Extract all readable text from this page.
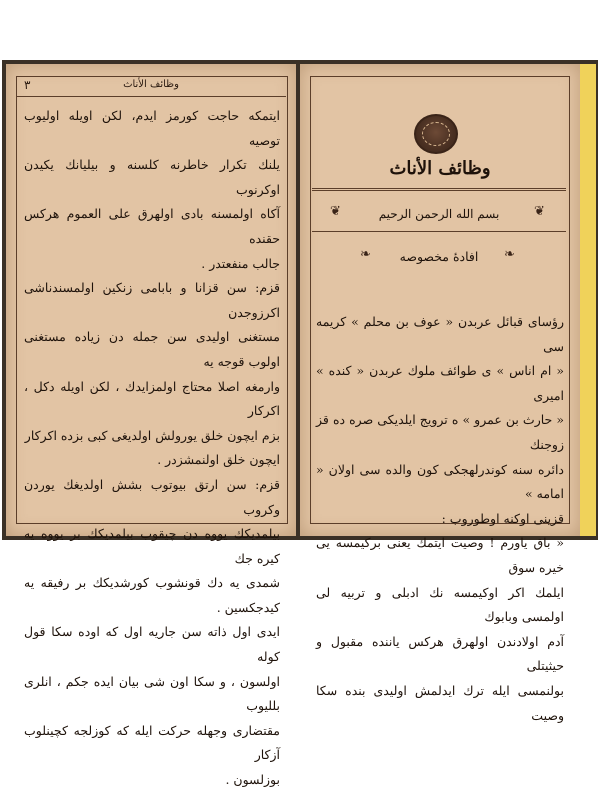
٣	وظائف الأناث

ایتمکه حاجت کورمز ایدم، لکن اویله اولیوب توصیه

یلنك تکرار خاطرنه کلسنه و بیلیانك یکیدن اوکرنوب

آکاه اولمسنه بادی اولهرق علی العموم هرکس حقنده

جالب منفعتدر .

قزم: سن قزانا و بابامی زنکین اولمسندناشی اکرزوجدن

مستغنی اولیدی سن جمله دن زیاده مستغنی اولوب قوجه یه

وارمغه اصلا محتاج اولمزایدك ، لکن اویله دکل ، اکرکار

بزم ایچون خلق یورولش اولدیغی کبی بزده اکرکار

ایچون خلق اولنمشزدر .

قزم: سن ارتق بیوتوب بشش اولدیغك یوردن وکروب

بیلمدیکك یووه دن چیقوب بیلمدیکك بر یووه یه کیره جك

شمدی یه دك قونشوب کورشدیکك بر رفیقه یه کیدجکسین .

ایدی اول ذاته سن جاریه اول که اوده سکا قول کوله

اولسون ، و سکا اون شی بیان ایده جکم ، انلری بللیوب

مقتضاری وجهله حرکت ایله که کوزلجه کچینلوب آزکار

بوزلسون .

وظائف الأناث
❦	بسم الله الرحمن الرحیم	❦
❧	افادهٔ مخصوصه	❧

رؤسای قبائل عربدن « عوف بن محلم » کریمه سی

« ام اناس » ی طوائف ملوك عربدن « کنده » امیری

« حارث بن عمرو » ه ترویج ایلدیکی صره ده قز زوجنك

دائره سنه کوندرلهجکی کون والده سی اولان « امامه »

قزینی اوکنه اوطوروب :

« باق یاورم ! وصیت ایتمك یعنی برکیمسه یی خیره سوق

ایلمك اکر اوکیمسه نك ادبلی و تربیه لی اولمسی وبابوك

آدم اولادندن اولهرق هرکس یاننده مقبول و حیثیتلی

بولنمسی ایله ترك ایدلمش اولیدی بنده سکا وصیت
